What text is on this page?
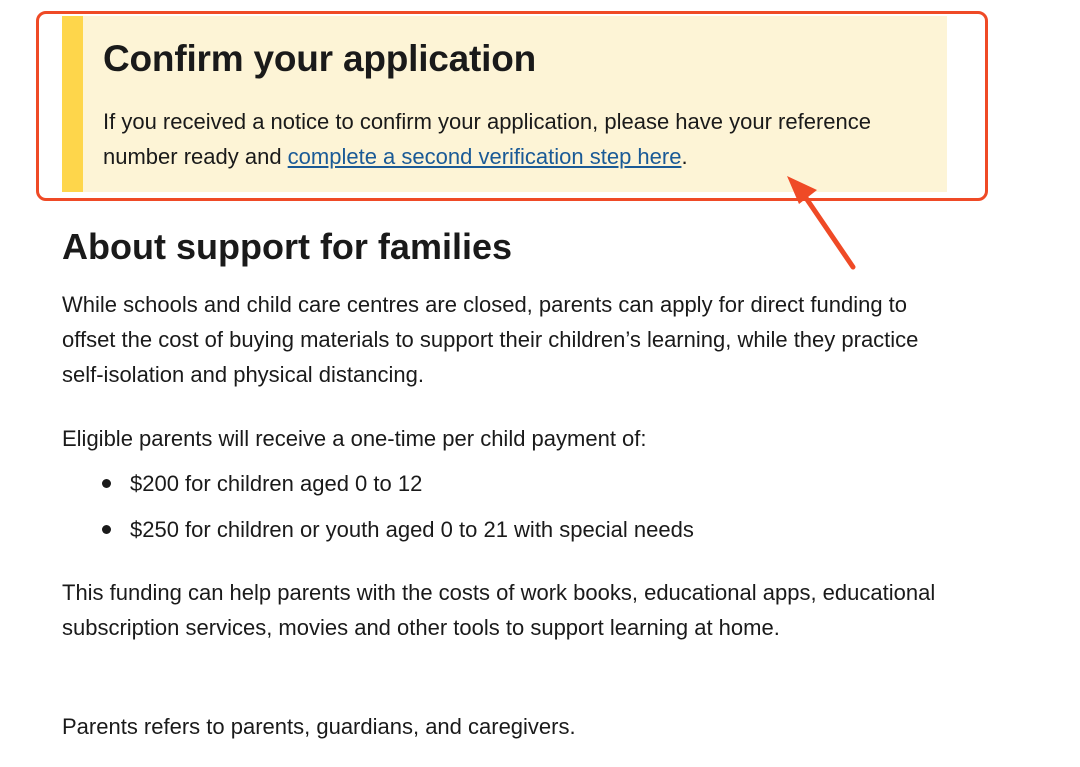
Confirm your application

If you received a notice to confirm your application, please have your reference number ready and complete a second verification step here.

About support for families

While schools and child care centres are closed, parents can apply for direct funding to offset the cost of buying materials to support their children’s learning, while they practice self-isolation and physical distancing.

Eligible parents will receive a one-time per child payment of:

$200 for children aged 0 to 12
$250 for children or youth aged 0 to 21 with special needs

This funding can help parents with the costs of work books, educational apps, educational subscription services, movies and other tools to support learning at home.

Parents refers to parents, guardians, and caregivers.
